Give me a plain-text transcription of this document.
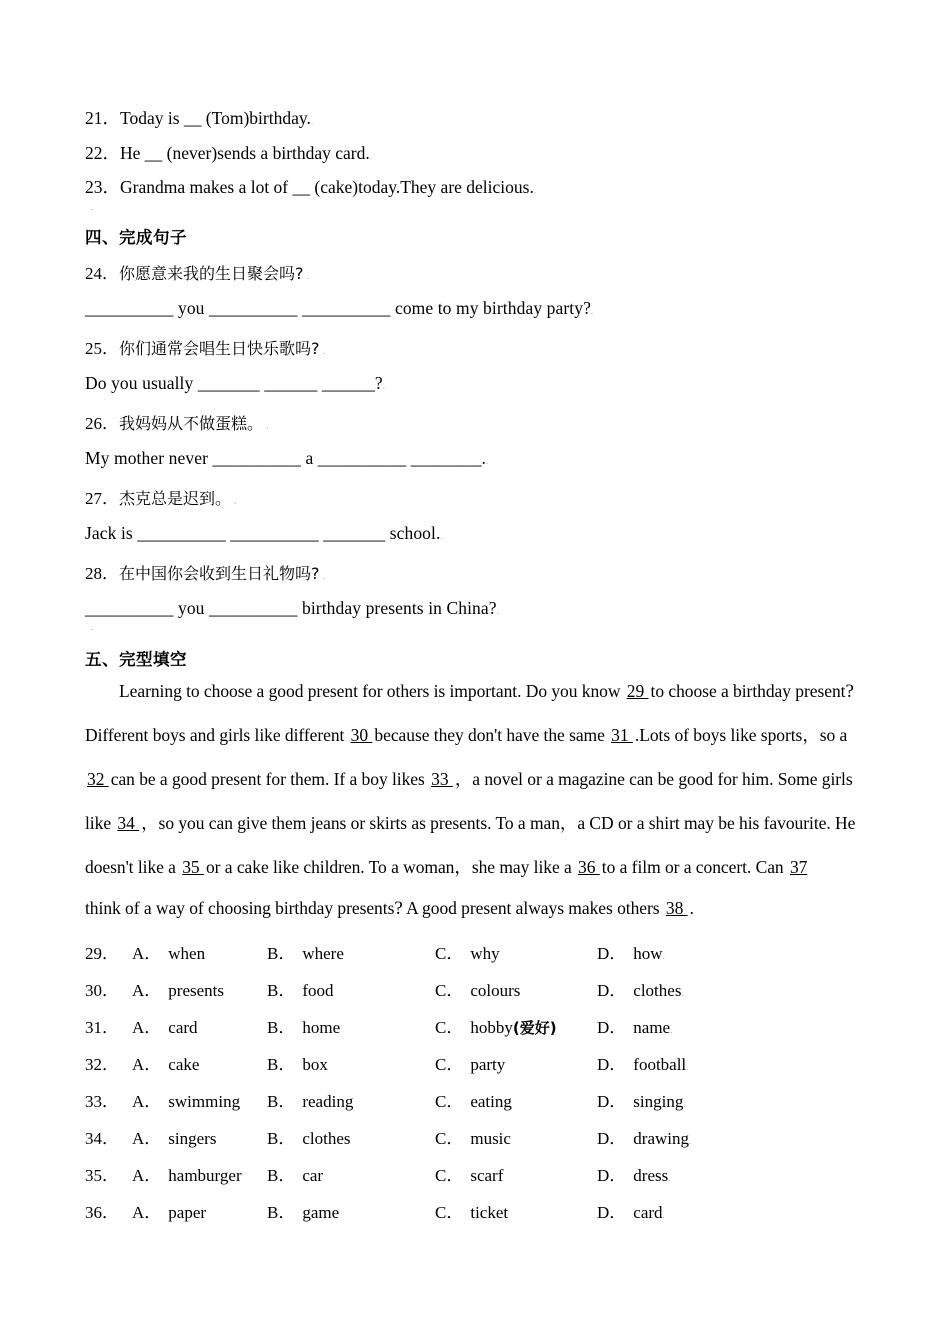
21．Today is __ (Tom)birthday..
22．He __ (never)sends a birthday card..
23．Grandma makes a lot of __ (cake)today.They are delicious..
.
四、完成句子
24．你愿意来我的生日聚会吗? .
__________ you __________ __________ come to my birthday party?.
25．你们通常会唱生日快乐歌吗? .
Do you usually _______ ______ ______?.
26．我妈妈从不做蛋糕。 .
My mother never __________ a __________ ________..
27．杰克总是迟到。 .
Jack is __________ __________ _______ school..
28．在中国你会收到生日礼物吗? .
__________ you __________ birthday presents in China?.
.
五、完型填空
Learning to choose a good present for others is important. Do you know 29 to choose a birthday present?
Different boys and girls like different 30 because they don't have the same 31 .Lots of boys like sports，so a
32 can be a good present for them. If a boy likes 33 ，a novel or a magazine can be good for him. Some girls
like 34 ，so you can give them jeans or skirts as presents. To a man，a CD or a shirt may be his favourite. He
doesn't like a 35 or a cake like children. To a woman，she may like a 36 to a film or a concert. Can 37
think of a way of choosing birthday presents? A good present always makes others 38 .
29． A． when	B． where	C． why	D． how.
30． A． presents	B． food	C． colours	D． clothes.
31． A． card	B． home	C． hobby(爱好) D． name.
32． A． cake	B． box	C． party	D． football.
33． A． swimming B． reading	C． eating	D． singing.
34． A． singers	B． clothes	C． music	D． drawing.
35． A． hamburger B． car	C． scarf	D． dress.
36． A． paper	B． game	C． ticket	D． card.
